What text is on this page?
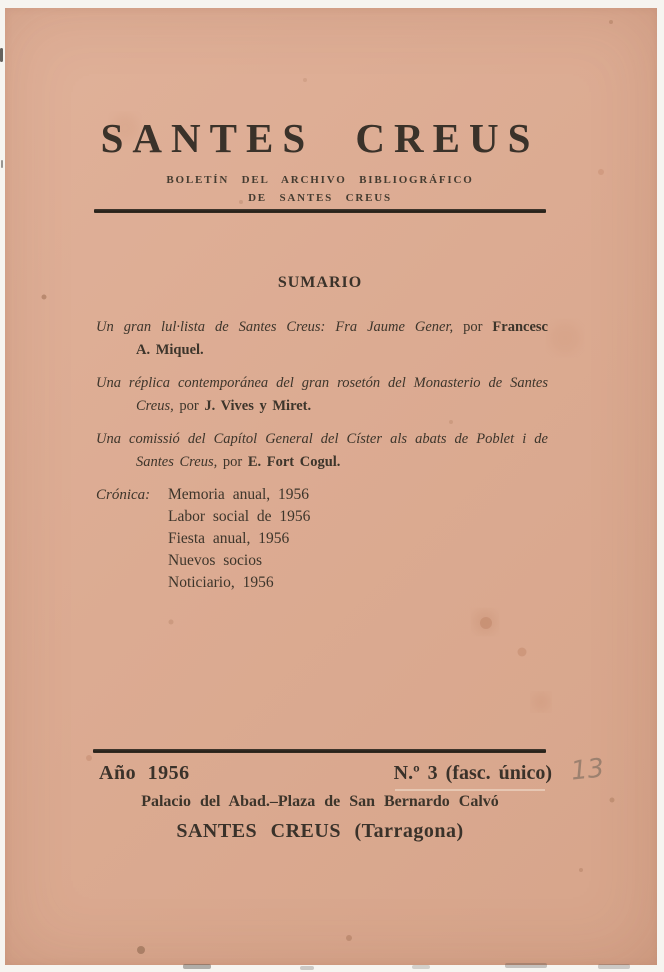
SANTES CREUS
BOLETÍN DEL ARCHIVO BIBLIOGRÁFICO
DE SANTES CREUS
SUMARIO
Un gran lul·lista de Santes Creus: Fra Jaume Gener, por Francesc
A. Miquel.
Una réplica contemporánea del gran rosetón del Monasterio de Santes
Creus, por J. Vives y Miret.
Una comissió del Capítol General del Císter als abats de Poblet i de
Santes Creus, por E. Fort Cogul.
Crónica:	Memoria anual, 1956
Labor social de 1956
Fiesta anual, 1956
Nuevos socios
Noticiario, 1956
Año 1956	N.º 3 (fasc. único) 13
Palacio del Abad.–Plaza de San Bernardo Calvó
SANTES CREUS (Tarragona)
